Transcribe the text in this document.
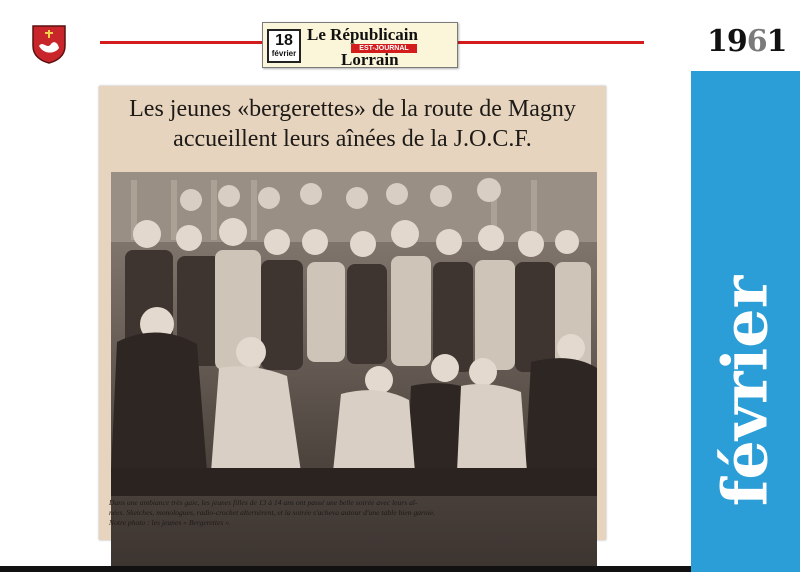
18
février
Le Républicain
EST-JOURNAL
Lorrain
1961
février
Les jeunes «bergerettes» de la route de Magny
accueillent leurs aînées de la J.O.C.F.
Dans une ambiance très gaie, les jeunes filles de 13 à 14 ans ont passé une belle soirée avec leurs aî-
nées. Sketches, monologues, radio-crochet alternèrent, et la soirée s'acheva autour d'une table bien garnie.
Notre photo : les jeunes « Bergerettes ».
